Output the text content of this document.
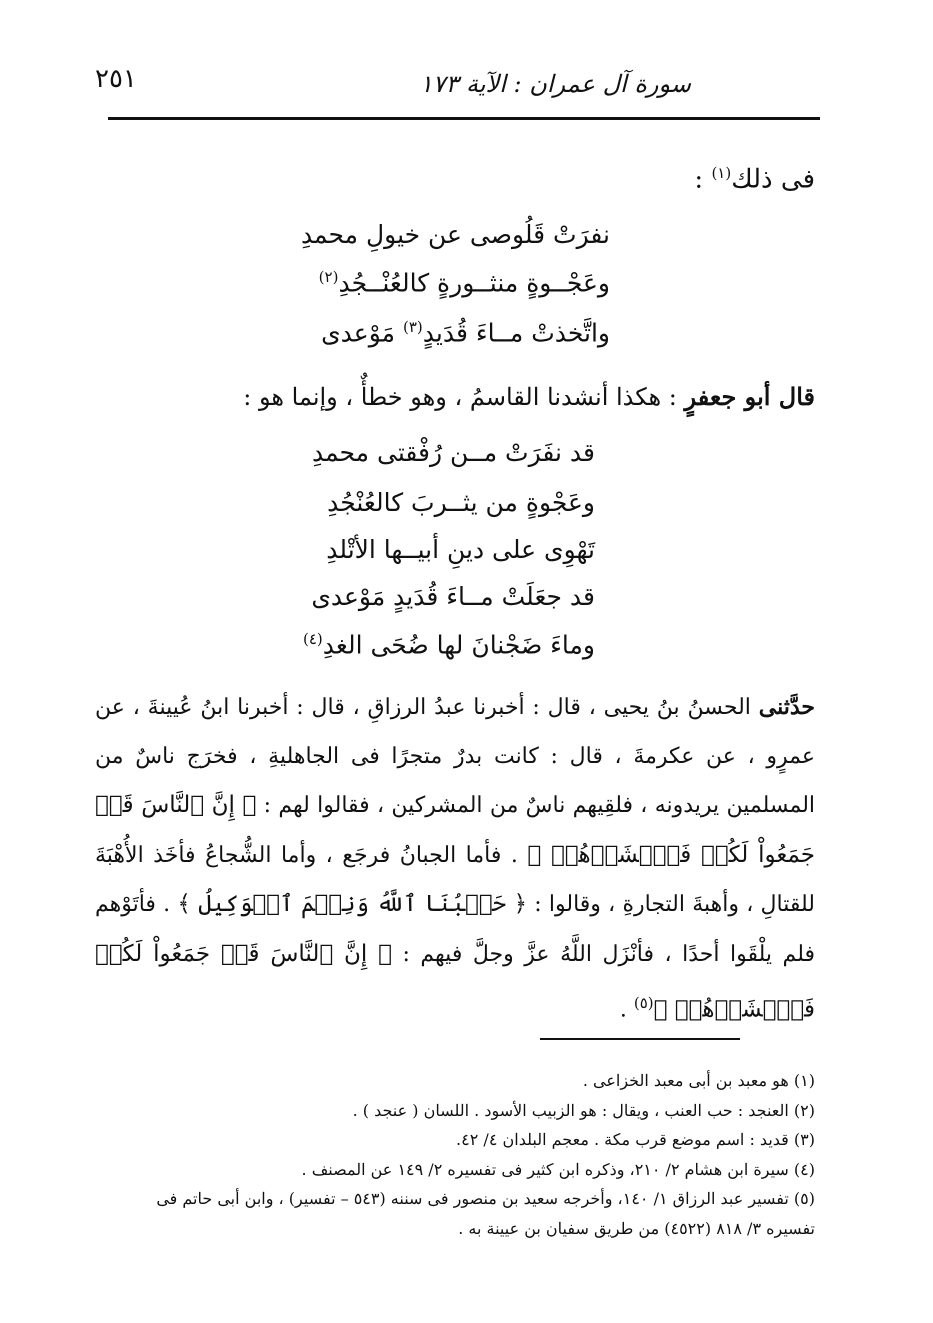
٢٥١	سورة آل عمران : الآية ١٧٣
فى ذلك$^{(١)}$ :
نفرَتْ قَلُوصى عن خيولِ محمدِ
وعَجْــوةٍ منثــورةٍ كالعُنْــجُدِ$^{(٢)}$
واتَّخذتْ مــاءَ قُدَيدٍ$^{(٣)}$ مَوْعدى
قال أبو جعفرٍ : هكذا أنشدنا القاسمُ ، وهو خطأٌ ، وإنما هو :
قد نفَرَتْ مــن رُفْقتى محمدِ
وعَجْوةٍ من يثــربَ كالعُنْجُدِ
تَهْوِى على دينِ أبيــها الأتْلدِ
قد جعَلَتْ مــاءَ قُدَيدٍ مَوْعدى
وماءَ ضَجْنانَ لها ضُحَى الغدِ$^{(٤)}$
حدَّثنى الحسنُ بنُ يحيى ، قال : أخبرنا عبدُ الرزاقِ ، قال : أخبرنا ابنُ عُيينةَ ، عن عمرٍو ، عن عكرمةَ ، قال : كانت بدرٌ متجرًا فى الجاهليةِ ، فخرَج ناسٌ من المسلمين يريدونه ، فلقِيهم ناسٌ من المشركين ، فقالوا لهم : ﴿ إِنَّ ٱلنَّاسَ قَدۡ جَمَعُواْ لَكُمۡ فَٱخۡشَوۡهُمۡ ﴾ . فأما الجبانُ فرجَع ، وأما الشُّجاعُ فأخَذ الأُهْبَةَ للقتالِ ، وأهبةَ التجارةِ ، وقالوا : ﴿ حَسۡبُنَا ٱللَّهُ وَنِعۡمَ ٱلۡوَكِيلُ ﴾ . فأتَوْهم فلم يلْقَوا أحدًا ، فأنْزَل اللَّهُ عزَّ وجلَّ فيهم : ﴿ إِنَّ ٱلنَّاسَ قَدۡ جَمَعُواْ لَكُمۡ فَٱخۡشَوۡهُمۡ ﴾$^{(٥)}$ .
(١) هو معبد بن أبى معبد الخزاعى .
(٢) العنجد : حب العنب ، ويقال : هو الزبيب الأسود . اللسان ( عنجد ) .
(٣) قديد : اسم موضع قرب مكة . معجم البلدان ٤/ ٤٢.
(٤) سيرة ابن هشام ٢/ ٢١٠، وذكره ابن كثير فى تفسيره ٢/ ١٤٩ عن المصنف .
(٥) تفسير عبد الرزاق ١/ ١٤٠، وأخرجه سعيد بن منصور فى سننه (٥٤٣ – تفسير) ، وابن أبى حاتم فى
تفسيره ٣/ ٨١٨ (٤٥٢٢) من طريق سفيان بن عيينة به .
